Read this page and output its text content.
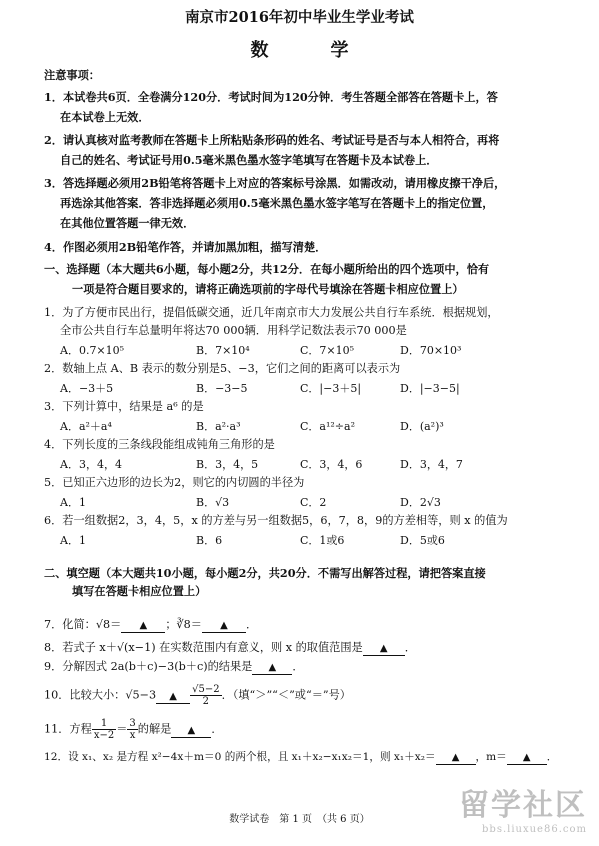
南京市2016年初中毕业生学业考试
数　学
注意事项：
1．本试卷共6页．全卷满分120分．考试时间为120分钟．考生答题全部答在答题卡上，答
在本试卷上无效．
2．请认真核对监考教师在答题卡上所粘贴条形码的姓名、考试证号是否与本人相符合，再将
自己的姓名、考试证号用0.5毫米黑色墨水签字笔填写在答题卡及本试卷上．
3．答选择题必须用2B铅笔将答题卡上对应的答案标号涂黑．如需改动，请用橡皮擦干净后，
再选涂其他答案．答非选择题必须用0.5毫米黑色墨水签字笔写在答题卡上的指定位置，
在其他位置答题一律无效．
4．作图必须用2B铅笔作答，并请加黑加粗，描写清楚．
一、选择题（本大题共6小题，每小题2分，共12分．在每小题所给出的四个选项中，恰有
一项是符合题目要求的，请将正确选项前的字母代号填涂在答题卡相应位置上）
1．为了方便市民出行，提倡低碳交通，近几年南京市大力发展公共自行车系统．根据规划，
全市公共自行车总量明年将达70 000辆．用科学记数法表示70 000是
A．0.7×10⁵	B．7×10⁴	C．7×10⁵	D．70×10³
2．数轴上点 A、B 表示的数分别是5、−3，它们之间的距离可以表示为
A．−3＋5	B．−3−5	C．|−3＋5|	D．|−3−5|
3．下列计算中，结果是 a⁶ 的是
A．a²＋a⁴	B．a²·a³	C．a¹²÷a²	D．(a²)³
4．下列长度的三条线段能组成钝角三角形的是
A．3，4，4	B．3，4，5	C．3，4，6	D．3，4，7
5．已知正六边形的边长为2，则它的内切圆的半径为
A．1	B．√3	C．2	D．2√3
6．若一组数据2，3，4，5，x 的方差与另一组数据5，6，7，8，9的方差相等，则 x 的值为
A．1	B．6	C．1或6	D．5或6
二、填空题（本大题共10小题，每小题2分，共20分．不需写出解答过程，请把答案直接
填写在答题卡相应位置上）
7．化简：√8＝ ▲ ；∛8＝ ▲ ．
8．若式子 x＋√(x−1) 在实数范围内有意义，则 x 的取值范围是 ▲ ．
9．分解因式 2a(b＋c)−3(b＋c)的结果是 ▲ ．
10．比较大小：√5−3 ▲ $\frac{√5-2}{2}$ ．（填“＞”“＜”或“＝”号）
11．方程 $\frac{1}{x-2} = \frac{3}{x}$ 的解是 ▲ ．
12．设 x₁、x₂ 是方程 x²−4x＋m＝0 的两个根，且 x₁＋x₂−x₁x₂＝1，则 x₁＋x₂＝ ▲ ，m＝ ▲ ．
数学试卷　第 1 页　（共 6 页）	留学社区
bbs.liuxue86.com
